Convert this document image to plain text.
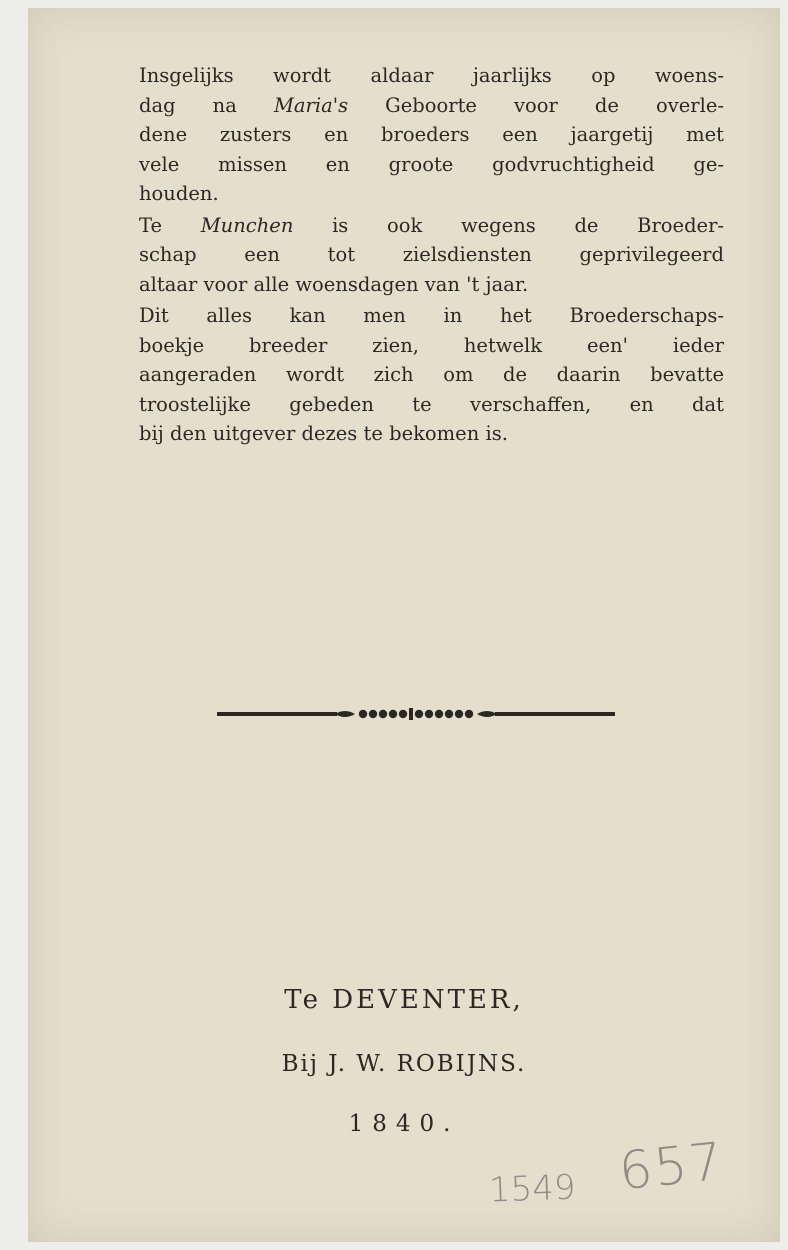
Insgelijks wordt aldaar jaarlijks op woens-
dag na Maria's Geboorte voor de overle-
dene zusters en broeders een jaargetij met
vele missen en groote godvruchtigheid ge-
houden.

Te Munchen is ook wegens de Broeder-
schap een tot zielsdiensten geprivilegeerd
altaar voor alle woensdagen van 't jaar.

Dit alles kan men in het Broederschaps-
boekje breeder zien, hetwelk een' ieder
aangeraden wordt zich om de daarin bevatte
troostelijke gebeden te verschaffen, en dat
bij den uitgever dezes te bekomen is.

Te DEVENTER,
Bij J. W. ROBIJNS.
1840.
1549 657
